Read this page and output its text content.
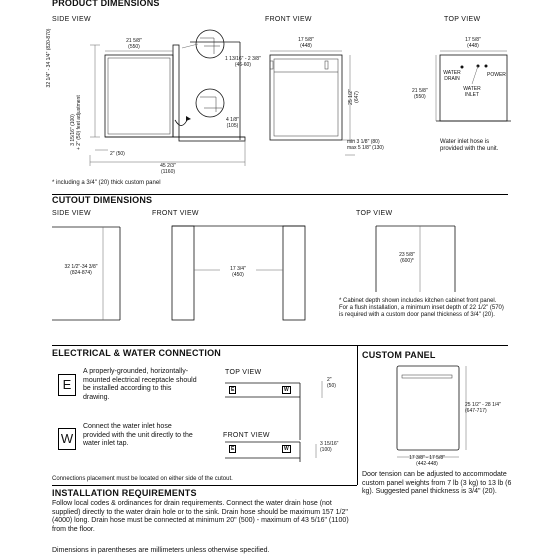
PRODUCT DIMENSIONS
SIDE VIEW	FRONT VIEW	TOP VIEW
21 5/8"
(550)
32 1/4" - 34 1/4" (820-870)
3 15/16" (100) + 2" (50) feet adjustment
2" (50)
45 2/3"
(1160)
1 13/16" - 2 3/8"
(46-60)
4 1/8"
(105)
* including a 3/4" (20) thick custom panel
17 5/8"
(448)
25 1/2" (647)
min 3 1/8" (80)
max 5 1/8" (130)
17 5/8"
(448)
21 5/8"
(550)
WATER DRAIN
POWER
WATER INLET
Water inlet hose is provided with the unit.
CUTOUT DIMENSIONS
SIDE VIEW	FRONT VIEW	TOP VIEW
32 1/2"-34 3/8"
(824-874)
17 3/4"
(450)
23 5/8"
(600)*
* Cabinet depth shown includes kitchen cabinet front panel. For a flush installation, a minimum inset depth of 22 1/2" (570) is required with a custom door panel thickness of 3/4" (20).
ELECTRICAL & WATER CONNECTION
E
A properly-grounded, horizontally-mounted electrical receptacle should be installed according to this drawing.
W
Connect the water inlet hose provided with the unit directly to the water inlet tap.
TOP VIEW
FRONT VIEW
E	W
E	W
2"
(50)
3 15/16"
(100)
Connections placement must be located on either side of the cutout.
CUSTOM PANEL
25 1/2" - 28 1/4"
(647-717)
17 3/8" - 17 5/8"
(442-448)
Door tension can be adjusted to accommodate custom panel weights from 7 lb (3 kg) to 13 lb (6 kg). Suggested panel thickness is 3/4" (20).
INSTALLATION REQUIREMENTS
Follow local codes & ordinances for drain requirements. Connect the water drain hose (not supplied) directly to the water drain hole or to the sink. Drain hose should be maximum 157 1/2" (4000) long. Drain hose must be connected at minimum 20" (500) - maximum of 43 5/16" (1100) from the floor.
Dimensions in parentheses are millimeters unless otherwise specified.
